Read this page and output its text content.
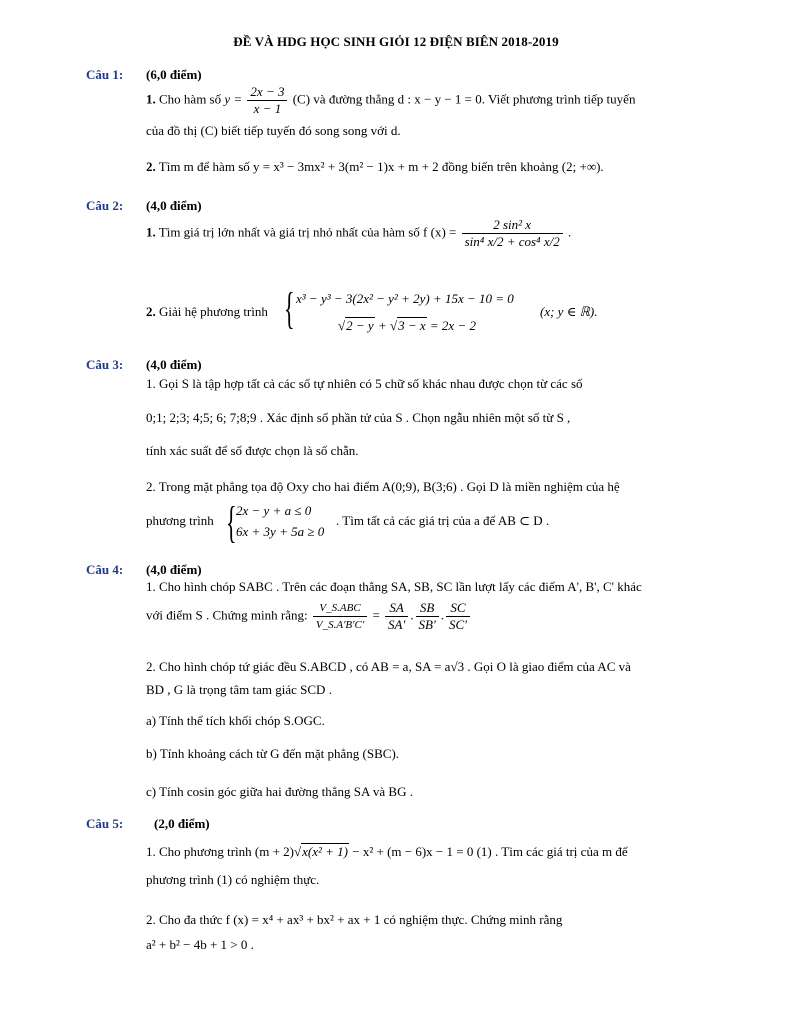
ĐỀ VÀ HDG HỌC SINH GIỎI 12 ĐIỆN BIÊN 2018-2019
Câu 1: (6,0 điểm)
1. Cho hàm số $y = \frac{2x - 3}{x - 1} (C)$ và đường thẳng d : x − y − 1 = 0. Viết phương trình tiếp tuyến
của đồ thị (C) biết tiếp tuyến đó song song với d.
2. Tìm m để hàm số y = x³ − 3mx² + 3(m² − 1)x + m + 2 đồng biến trên khoảng (2; +∞).
Câu 2: (4,0 điểm)
1. Tìm giá trị lớn nhất và giá trị nhỏ nhất của hàm số f $(x) = \frac{\text{2 sin² x}}{\text{sin⁴ x/2 + cos⁴ x/2}}$ .
2. Giải hệ phương trình { x³ − y³ − 3(2x² − y² + 2y) + 15x − 10 = 0
√2 − y + √3 − x = 2x − 2
(x; y ∈ ℝ).
Câu 3: (4,0 điểm)
1. Gọi S là tập hợp tất cả các số tự nhiên có 5 chữ số khác nhau được chọn từ các số
0;1; 2;3; 4;5; 6; 7;8;9 . Xác định số phần tử của S . Chọn ngẫu nhiên một số từ S ,
tính xác suất để số được chọn là số chẵn.
2. Trong mặt phẳng tọa độ Oxy cho hai điểm A(0;9), B(3;6) . Gọi D là miền nghiệm của hệ
phương trình { 2x − y + a ≤ 0
6x + 3y + 5a ≥ 0
. Tìm tất cả các giá trị của a để AB ⊂ D .
Câu 4: (4,0 điểm)
1. Cho hình chóp SABC . Trên các đoạn thẳng SA, SB, SC lần lượt lấy các điểm A', B', C' khác
với điểm S . Chứng minh rằng: $\frac{\text{V\_S.ABC}}{V\_S.A'B'C'} = \frac{SA}{SA'}$ . $\frac{SB}{SB'}$ . $\frac{SC}{SC'}$
2. Cho hình chóp tứ giác đều S.ABCD , có AB = a, SA = a√3 . Gọi O là giao điểm của AC và
BD , G là trọng tâm tam giác SCD .
a) Tính thể tích khối chóp S.OGC.
b) Tính khoảng cách từ G đến mặt phẳng (SBC).
c) Tính cosin góc giữa hai đường thẳng SA và BG .
Câu 5: (2,0 điểm)
1. Cho phương trình (m + 2)√x(x² + 1) − x² + (m − 6)x − 1 = 0 (1) . Tìm các giá trị của m để
phương trình (1) có nghiệm thực.
2. Cho đa thức f (x) = x⁴ + ax³ + bx² + ax + 1 có nghiệm thực. Chứng minh rằng
a² + b² − 4b + 1 > 0 .
